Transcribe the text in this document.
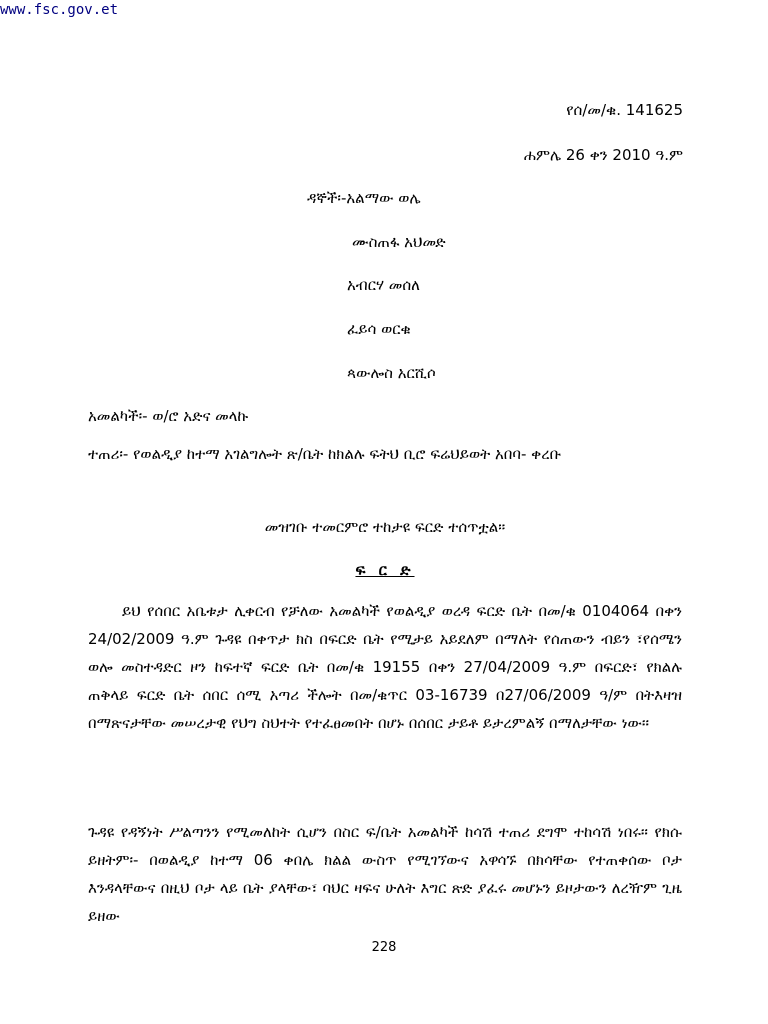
www.fsc.gov.et
የሰ/መ/ቁ. 141625
ሐምሌ 26 ቀን 2010 ዓ.ም
ዳኞች፡-አልማው ወሌ
ሙስጠፋ አህመድ
አብርሃ መሰለ
ፈይሳ ወርቁ
ጳውሎስ አርሺሶ
አመልካች፡- ወ/ሮ አድና መላኩ
ተጠሪ፡- የወልዲያ ከተማ አገልግሎት ጽ/ቤት ከክልሉ ፍትህ ቢሮ ፍሬህይወት አበባ- ቀረቡ
መዝገቡ ተመርምሮ ተከታዩ ፍርድ ተሰጥቷል።
ፍ ር ድ
ይህ የሰበር አቤቱታ ሊቀርብ የቻለው አመልካች የወልዲያ ወረዳ ፍርድ ቤት በመ/ቁ 0104064 በቀን 24/02/2009 ዓ.ም ጉዳዩ በቀጥታ ክስ በፍርድ ቤት የሚታይ አይደለም በማለት የሰጠውን ብይን ፣የሰሜን ወሎ መስተዳድር ዞን ከፍተኛ ፍርድ ቤት በመ/ቁ 19155 በቀን 27/04/2009 ዓ.ም በፍርድ፣ የክልሉ ጠቅላይ ፍርድ ቤት ሰበር ሰሚ አጣሪ ችሎት በመ/ቁጥር 03-16739 በ27/06/2009 ዓ/ም በትእዛዝ በማጽናታቸው መሠረታዊ የህግ ስህተት የተፈፀመበት በሆኑ በሰበር ታይቶ ይታረምልኝ በማለታቸው ነው፡፡
ጉዳዩ የዳኝነት ሥልጣንን የሚመለከት ሲሆን በስር ፍ/ቤት አመልካች ከሳሽ ተጠሪ ደግሞ ተከሳሽ ነበሩ፡፡ የክሱ ይዘትም፡- በወልዲያ ከተማ 06 ቀበሌ ክልል ውስጥ የሚገኘውና አዋሳኙ በክሳቸው የተጠቀሰው ቦታ እንዳላቸውና በዚህ ቦታ ላይ ቤት ያላቸው፣ ባህር ዛፍና ሁለት እግር ጽድ ያፈሩ መሆኑን ይዞታውን ለረዥም ጊዜ ይዘው
228
